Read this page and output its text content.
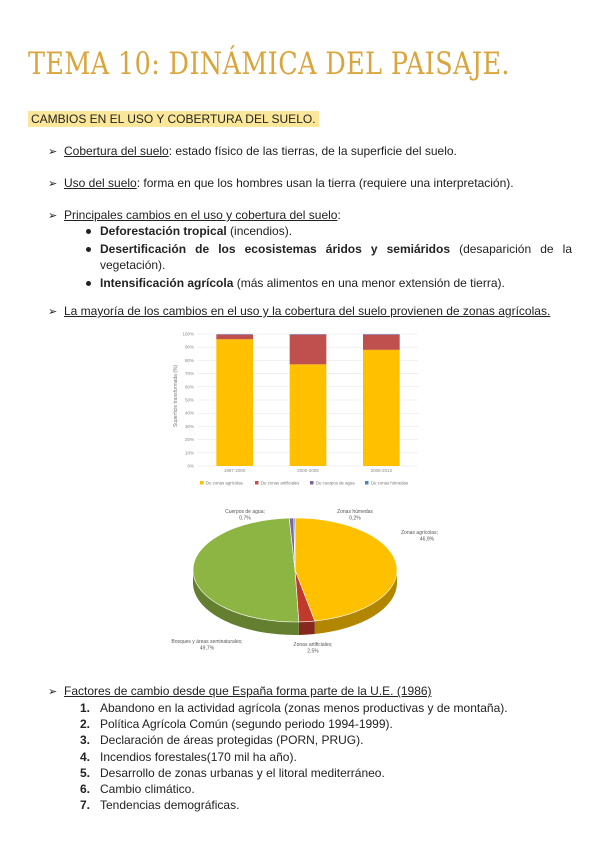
TEMA 10: DINÁMICA DEL PAISAJE.
CAMBIOS EN EL USO Y COBERTURA DEL SUELO.
➢ Cobertura del suelo: estado físico de las tierras, de la superficie del suelo.
➢ Uso del suelo: forma en que los hombres usan la tierra (requiere una interpretación).
➢ Principales cambios en el uso y cobertura del suelo:
Deforestación tropical (incendios).
Desertificación de los ecosistemas áridos y semiáridos (desaparición de la vegetación).
Intensificación agrícola (más alimentos en una menor extensión de tierra).
➢ La mayoría de los cambios en el uso y la cobertura del suelo provienen de zonas agrícolas.
Superficie transformada (%)
0%
10%
20%
30%
40%
50%
60%
70%
80%
90%
100%
1987-2000	2000-2005	2005-2012
De zonas agrícolas	De zonas artificiales	De cuerpos de agua	De zonas húmedas
Zonas agrícolas;
46,9%
Zonas artificiales;
2,5%
Bosques y áreas seminaturales;
49,7%
Cuerpos de agua;
0,7%
Zonas húmedas
0,2%
➢ Factores de cambio desde que España forma parte de la U.E. (1986)
1. Abandono en la actividad agrícola (zonas menos productivas y de montaña).
2. Política Agrícola Común (segundo periodo 1994-1999).
3. Declaración de áreas protegidas (PORN, PRUG).
4. Incendios forestales(170 mil ha año).
5. Desarrollo de zonas urbanas y el litoral mediterráneo.
6. Cambio climático.
7. Tendencias demográficas.
